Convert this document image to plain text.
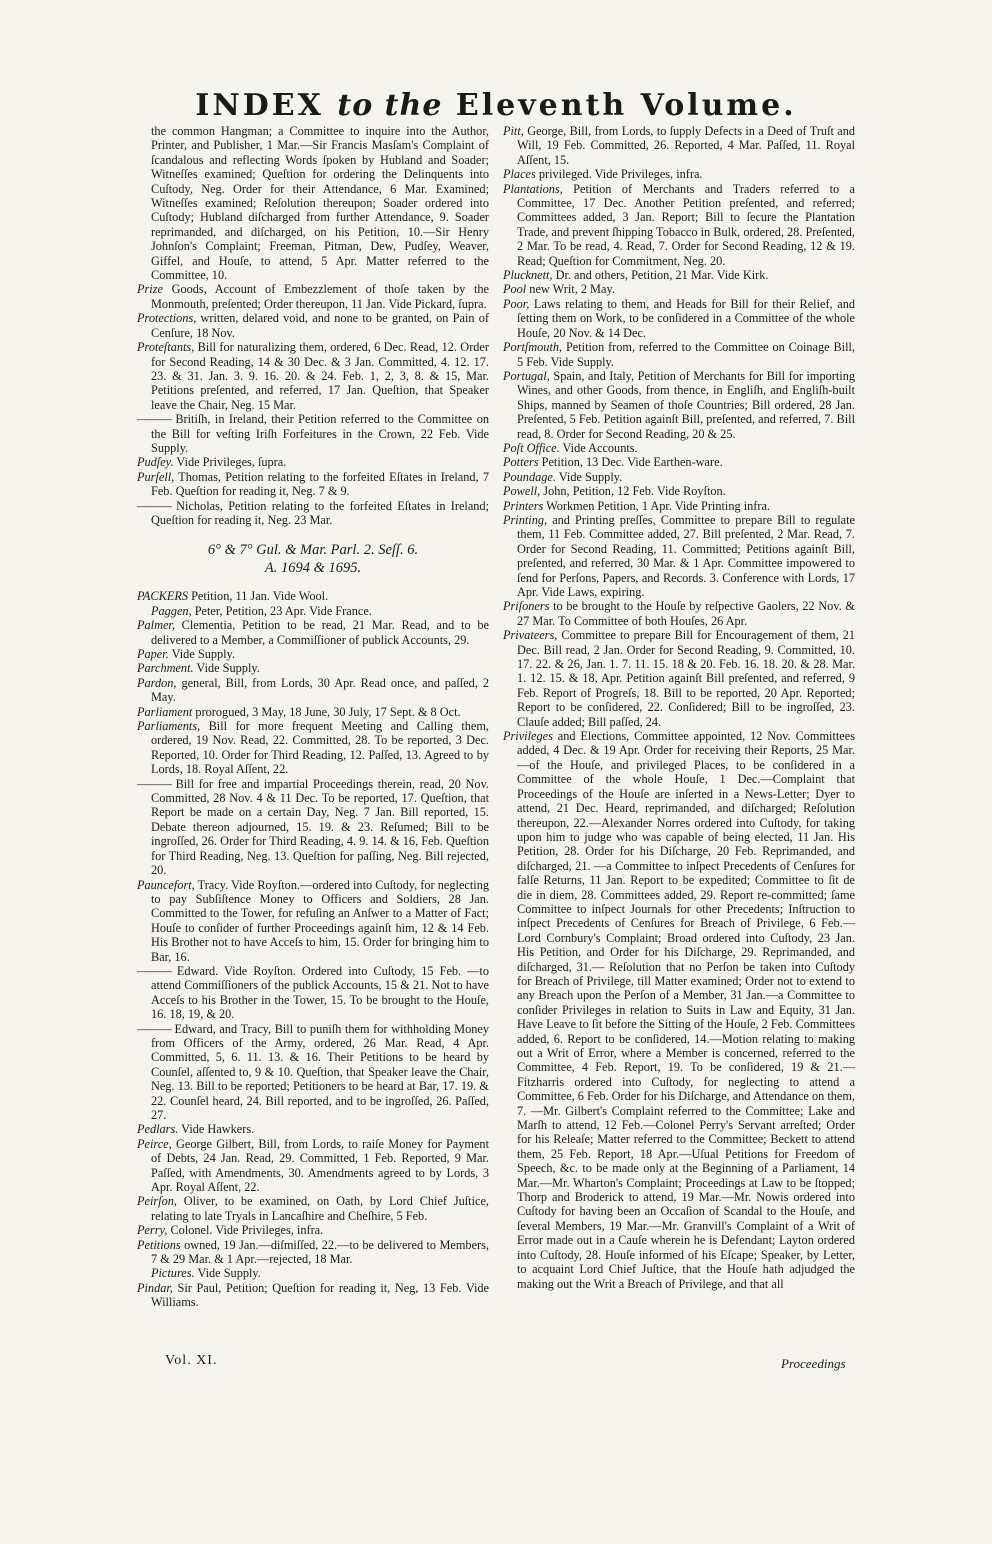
INDEX to the Eleventh Volume.

the common Hangman; a Committee to inquire into the Author, Printer, and Publisher, 1 Mar.—Sir Francis Masſam's Complaint of ſcandalous and reflecting Words ſpoken by Hubland and Soader; Witneſſes examined; Queſtion for ordering the Delinquents into Cuſtody, Neg. Order for their Attendance, 6 Mar. Examined; Witneſſes examined; Reſolution thereupon; Soader ordered into Cuſtody; Hubland diſcharged from further Attendance, 9. Soader reprimanded, and diſcharged, on his Petition, 10.—Sir Henry Johnſon's Complaint; Freeman, Pitman, Dew, Pudſey, Weaver, Giffel, and Houſe, to attend, 5 Apr. Matter referred to the Committee, 10.

Prize Goods, Account of Embezzlement of thoſe taken by the Monmouth, preſented; Order thereupon, 11 Jan. Vide Pickard, ſupra.

Protections, written, delared void, and none to be granted, on Pain of Cenſure, 18 Nov.

Proteſtants, Bill for naturalizing them, ordered, 6 Dec. Read, 12. Order for Second Reading, 14 & 30 Dec. & 3 Jan. Committed, 4. 12. 17. 23. & 31. Jan. 3. 9. 16. 20. & 24. Feb. 1, 2, 3, 8. & 15, Mar. Petitions preſented, and referred, 17 Jan. Queſtion, that Speaker leave the Chair, Neg. 15 Mar.

——— Britiſh, in Ireland, their Petition referred to the Committee on the Bill for veſting Iriſh Forfeitures in the Crown, 22 Feb. Vide Supply.

Pudſey. Vide Privileges, ſupra.

Purſell, Thomas, Petition relating to the forfeited Eſtates in Ireland, 7 Feb. Queſtion for reading it, Neg. 7 & 9.

——— Nicholas, Petition relating to the forfeited Eſtates in Ireland; Queſtion for reading it, Neg. 23 Mar.

6° & 7° Gul. & Mar. Parl. 2. Seſſ. 6.
A. 1694 & 1695.

PACKERS Petition, 11 Jan. Vide Wool.

Paggen, Peter, Petition, 23 Apr. Vide France.

Palmer, Clementia, Petition to be read, 21 Mar. Read, and to be delivered to a Member, a Commiſſioner of publick Accounts, 29.

Paper. Vide Supply.

Parchment. Vide Supply.

Pardon, general, Bill, from Lords, 30 Apr. Read once, and paſſed, 2 May.

Parliament prorogued, 3 May, 18 June, 30 July, 17 Sept. & 8 Oct.

Parliaments, Bill for more frequent Meeting and Calling them, ordered, 19 Nov. Read, 22. Committed, 28. To be reported, 3 Dec. Reported, 10. Order for Third Reading, 12. Paſſed, 13. Agreed to by Lords, 18. Royal Aſſent, 22.

——— Bill for free and impartial Proceedings therein, read, 20 Nov. Committed, 28 Nov. 4 & 11 Dec. To be reported, 17. Queſtion, that Report be made on a certain Day, Neg. 7 Jan. Bill reported, 15. Debate thereon adjourned, 15. 19. & 23. Reſumed; Bill to be ingroſſed, 26. Order for Third Reading, 4. 9. 14. & 16, Feb. Queſtion for Third Reading, Neg. 13. Queſtion for paſſing, Neg. Bill rejected, 20.

Pauncefort, Tracy. Vide Royſton.—ordered into Cuſtody, for neglecting to pay Subſiſtence Money to Officers and Soldiers, 28 Jan. Committed to the Tower, for refuſing an Anſwer to a Matter of Fact; Houſe to conſider of further Proceedings againſt him, 12 & 14 Feb. His Brother not to have Acceſs to him, 15. Order for bringing him to Bar, 16.

——— Edward. Vide Royſton. Ordered into Cuſtody, 15 Feb. —to attend Commiſſioners of the publick Accounts, 15 & 21. Not to have Acceſs to his Brother in the Tower, 15. To be brought to the Houſe, 16. 18, 19, & 20.

——— Edward, and Tracy, Bill to puniſh them for withholding Money from Officers of the Army, ordered, 26 Mar. Read, 4 Apr. Committed, 5, 6. 11. 13. & 16. Their Petitions to be heard by Counſel, aſſented to, 9 & 10. Queſtion, that Speaker leave the Chair, Neg. 13. Bill to be reported; Petitioners to be heard at Bar, 17. 19. & 22. Counſel heard, 24. Bill reported, and to be ingroſſed, 26. Paſſed, 27.

Pedlars. Vide Hawkers.

Peirce, George Gilbert, Bill, from Lords, to raiſe Money for Payment of Debts, 24 Jan. Read, 29. Committed, 1 Feb. Reported, 9 Mar. Paſſed, with Amendments, 30. Amendments agreed to by Lords, 3 Apr. Royal Aſſent, 22.

Peirſon, Oliver, to be examined, on Oath, by Lord Chief Juſtice, relating to late Tryals in Lancaſhire and Cheſhire, 5 Feb.

Perry, Colonel. Vide Privileges, infra.

Petitions owned, 19 Jan.—diſmiſſed, 22.—to be delivered to Members, 7 & 29 Mar. & 1 Apr.—rejected, 18 Mar.

Pictures. Vide Supply.

Pindar, Sir Paul, Petition; Queſtion for reading it, Neg, 13 Feb. Vide Williams.

Pitt, George, Bill, from Lords, to ſupply Defects in a Deed of Truſt and Will, 19 Feb. Committed, 26. Reported, 4 Mar. Paſſed, 11. Royal Aſſent, 15.

Places privileged. Vide Privileges, infra.

Plantations, Petition of Merchants and Traders referred to a Committee, 17 Dec. Another Petition preſented, and referred; Committees added, 3 Jan. Report; Bill to ſecure the Plantation Trade, and prevent ſhipping Tobacco in Bulk, ordered, 28. Preſented, 2 Mar. To be read, 4. Read, 7. Order for Second Reading, 12 & 19. Read; Queſtion for Commitment, Neg. 20.

Plucknett, Dr. and others, Petition, 21 Mar. Vide Kirk.

Pool new Writ, 2 May.

Poor, Laws relating to them, and Heads for Bill for their Relief, and ſetting them on Work, to be conſidered in a Committee of the whole Houſe, 20 Nov. & 14 Dec.

Portſmouth, Petition from, referred to the Committee on Coinage Bill, 5 Feb. Vide Supply.

Portugal, Spain, and Italy, Petition of Merchants for Bill for importing Wines, and other Goods, from thence, in Engliſh, and Engliſh-built Ships, manned by Seamen of thoſe Countries; Bill ordered, 28 Jan. Preſented, 5 Feb. Petition againſt Bill, preſented, and referred, 7. Bill read, 8. Order for Second Reading, 20 & 25.

Poſt Office. Vide Accounts.

Potters Petition, 13 Dec. Vide Earthen-ware.

Poundage. Vide Supply.

Powell, John, Petition, 12 Feb. Vide Royſton.

Printers Workmen Petition, 1 Apr. Vide Printing infra.

Printing, and Printing preſſes, Committee to prepare Bill to regulate them, 11 Feb. Committee added, 27. Bill preſented, 2 Mar. Read, 7. Order for Second Reading, 11. Committed; Petitions againſt Bill, preſented, and referred, 30 Mar. & 1 Apr. Committee impowered to ſend for Perſons, Papers, and Records. 3. Conference with Lords, 17 Apr. Vide Laws, expiring.

Priſoners to be brought to the Houſe by reſpective Gaolers, 22 Nov. & 27 Mar. To Committee of both Houſes, 26 Apr.

Privateers, Committee to prepare Bill for Encouragement of them, 21 Dec. Bill read, 2 Jan. Order for Second Reading, 9. Committed, 10. 17. 22. & 26, Jan. 1. 7. 11. 15. 18 & 20. Feb. 16. 18. 20. & 28. Mar. 1. 12. 15. & 18, Apr. Petition againſt Bill preſented, and referred, 9 Feb. Report of Progreſs, 18. Bill to be reported, 20 Apr. Reported; Report to be conſidered, 22. Conſidered; Bill to be ingroſſed, 23. Clauſe added; Bill paſſed, 24.

Privileges and Elections, Committee appointed, 12 Nov. Committees added, 4 Dec. & 19 Apr. Order for receiving their Reports, 25 Mar.—of the Houſe, and privileged Places, to be conſidered in a Committee of the whole Houſe, 1 Dec.—Complaint that Proceedings of the Houſe are inſerted in a News-Letter; Dyer to attend, 21 Dec. Heard, reprimanded, and diſcharged; Reſolution thereupon, 22.—Alexander Norres ordered into Cuſtody, for taking upon him to judge who was capable of being elected, 11 Jan. His Petition, 28. Order for his Diſcharge, 20 Feb. Reprimanded, and diſcharged, 21. —a Committee to inſpect Precedents of Cenſures for falſe Returns, 11 Jan. Report to be expedited; Committee to ſit de die in diem, 28. Committees added, 29. Report re-committed; ſame Committee to inſpect Journals for other Precedents; Inſtruction to inſpect Precedents of Cenſures for Breach of Privilege, 6 Feb.—Lord Cornbury's Complaint; Broad ordered into Cuſtody, 23 Jan. His Petition, and Order for his Diſcharge, 29. Reprimanded, and diſcharged, 31.— Reſolution that no Perſon be taken into Cuſtody for Breach of Privilege, till Matter examined; Order not to extend to any Breach upon the Perſon of a Member, 31 Jan.—a Committee to conſider Privileges in relation to Suits in Law and Equity, 31 Jan. Have Leave to ſit before the Sitting of the Houſe, 2 Feb. Committees added, 6. Report to be conſidered, 14.—Motion relating to making out a Writ of Error, where a Member is concerned, referred to the Committee, 4 Feb. Report, 19. To be conſidered, 19 & 21.—Fitzharris ordered into Cuſtody, for neglecting to attend a Committee, 6 Feb. Order for his Diſcharge, and Attendance on them, 7. —Mr. Gilbert's Complaint referred to the Committee; Lake and Marſh to attend, 12 Feb.—Colonel Perry's Servant arreſted; Order for his Releaſe; Matter referred to the Committee; Beckett to attend them, 25 Feb. Report, 18 Apr.—Uſual Petitions for Freedom of Speech, &c. to be made only at the Beginning of a Parliament, 14 Mar.—Mr. Wharton's Complaint; Proceedings at Law to be ſtopped; Thorp and Broderick to attend, 19 Mar.—Mr. Nowis ordered into Cuſtody for having been an Occaſion of Scandal to the Houſe, and ſeveral Members, 19 Mar.—Mr. Granvill's Complaint of a Writ of Error made out in a Cauſe wherein he is Defendant; Layton ordered into Cuſtody, 28. Houſe informed of his Eſcape; Speaker, by Letter, to acquaint Lord Chief Juſtice, that the Houſe hath adjudged the making out the Writ a Breach of Privilege, and that all

Vol. XI.	Proceedings
